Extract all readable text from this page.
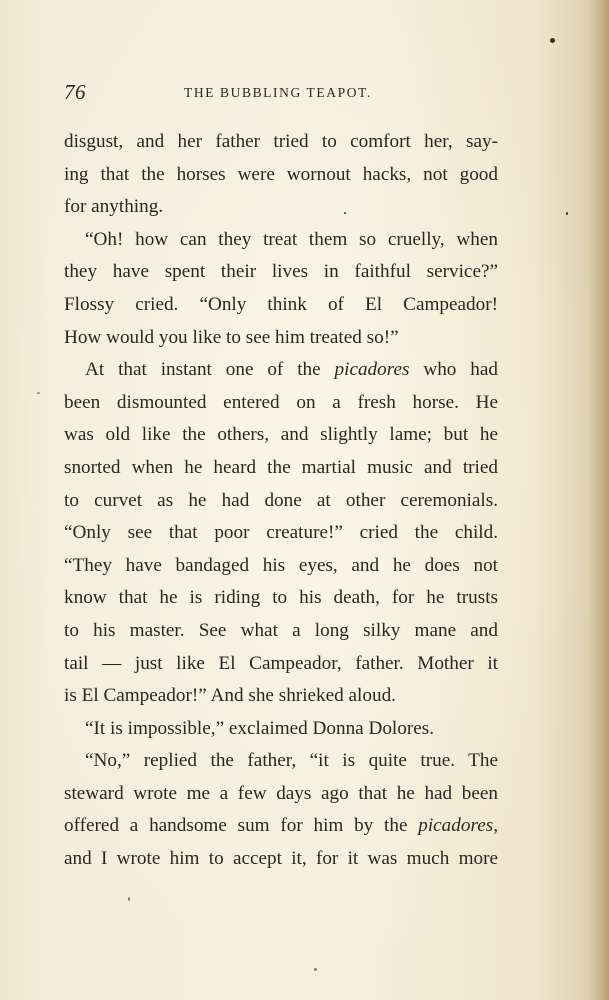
76	THE BUBBLING TEAPOT.
disgust, and her father tried to comfort her, say-
ing that the horses were wornout hacks, not good
for anything.
“Oh! how can they treat them so cruelly, when
they have spent their lives in faithful service?”
Flossy cried. “Only think of El Campeador!
How would you like to see him treated so!”
At that instant one of the picadores who had
been dismounted entered on a fresh horse. He
was old like the others, and slightly lame; but he
snorted when he heard the martial music and tried
to curvet as he had done at other ceremonials.
“Only see that poor creature!” cried the child.
“They have bandaged his eyes, and he does not
know that he is riding to his death, for he trusts
to his master. See what a long silky mane and
tail — just like El Campeador, father. Mother it
is El Campeador!” And she shrieked aloud.
“It is impossible,” exclaimed Donna Dolores.
“No,” replied the father, “it is quite true. The
steward wrote me a few days ago that he had been
offered a handsome sum for him by the picadores,
and I wrote him to accept it, for it was much more
